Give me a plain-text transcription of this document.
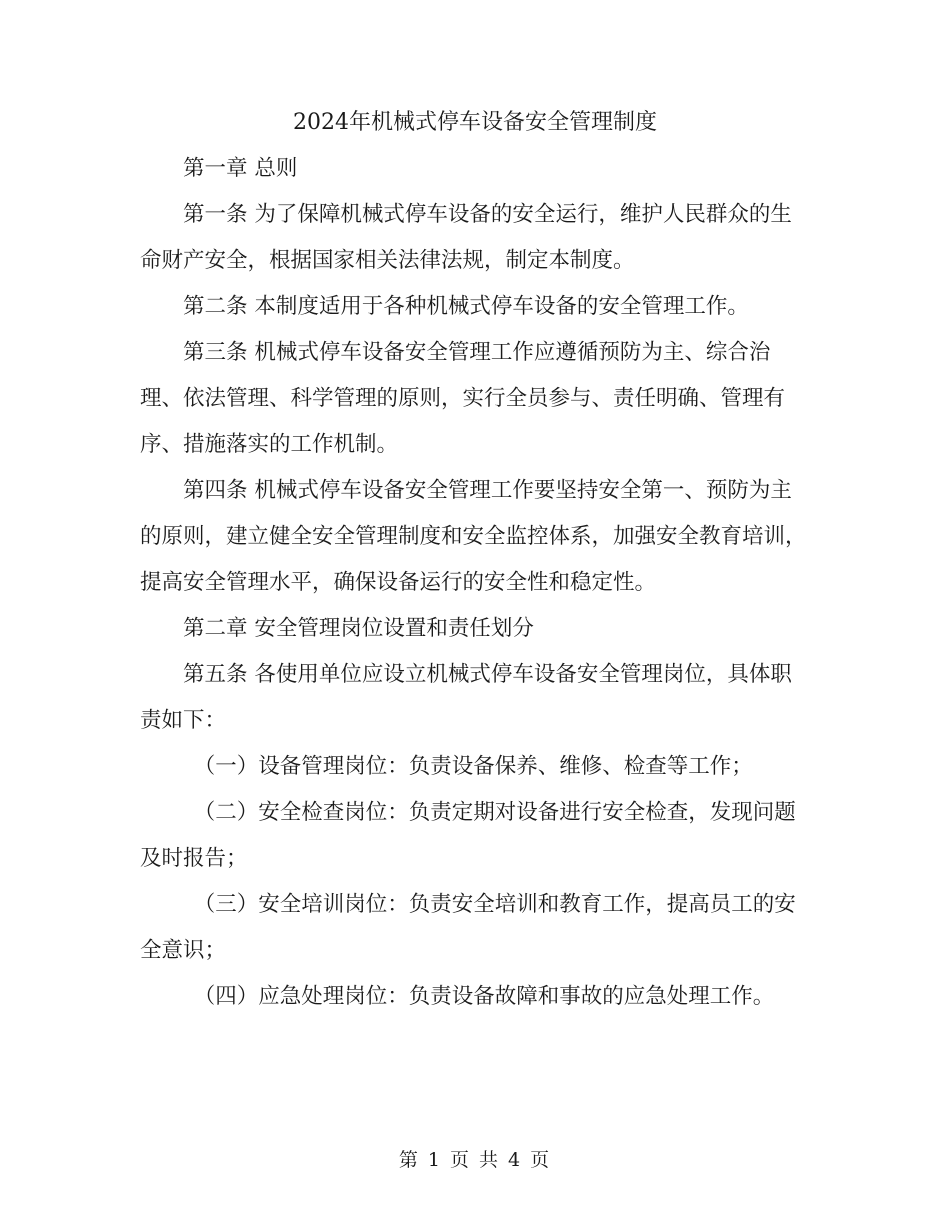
2024年机械式停车设备安全管理制度

第一章 总则

第一条 为了保障机械式停车设备的安全运行，维护人民群众的生命财产安全，根据国家相关法律法规，制定本制度。

第二条 本制度适用于各种机械式停车设备的安全管理工作。

第三条 机械式停车设备安全管理工作应遵循预防为主、综合治理、依法管理、科学管理的原则，实行全员参与、责任明确、管理有序、措施落实的工作机制。

第四条 机械式停车设备安全管理工作要坚持安全第一、预防为主的原则，建立健全安全管理制度和安全监控体系，加强安全教育培训，提高安全管理水平，确保设备运行的安全性和稳定性。

第二章 安全管理岗位设置和责任划分

第五条 各使用单位应设立机械式停车设备安全管理岗位，具体职责如下：

（一）设备管理岗位：负责设备保养、维修、检查等工作；

（二）安全检查岗位：负责定期对设备进行安全检查，发现问题及时报告；

（三）安全培训岗位：负责安全培训和教育工作，提高员工的安全意识；

（四）应急处理岗位：负责设备故障和事故的应急处理工作。

第 1 页 共 4 页
